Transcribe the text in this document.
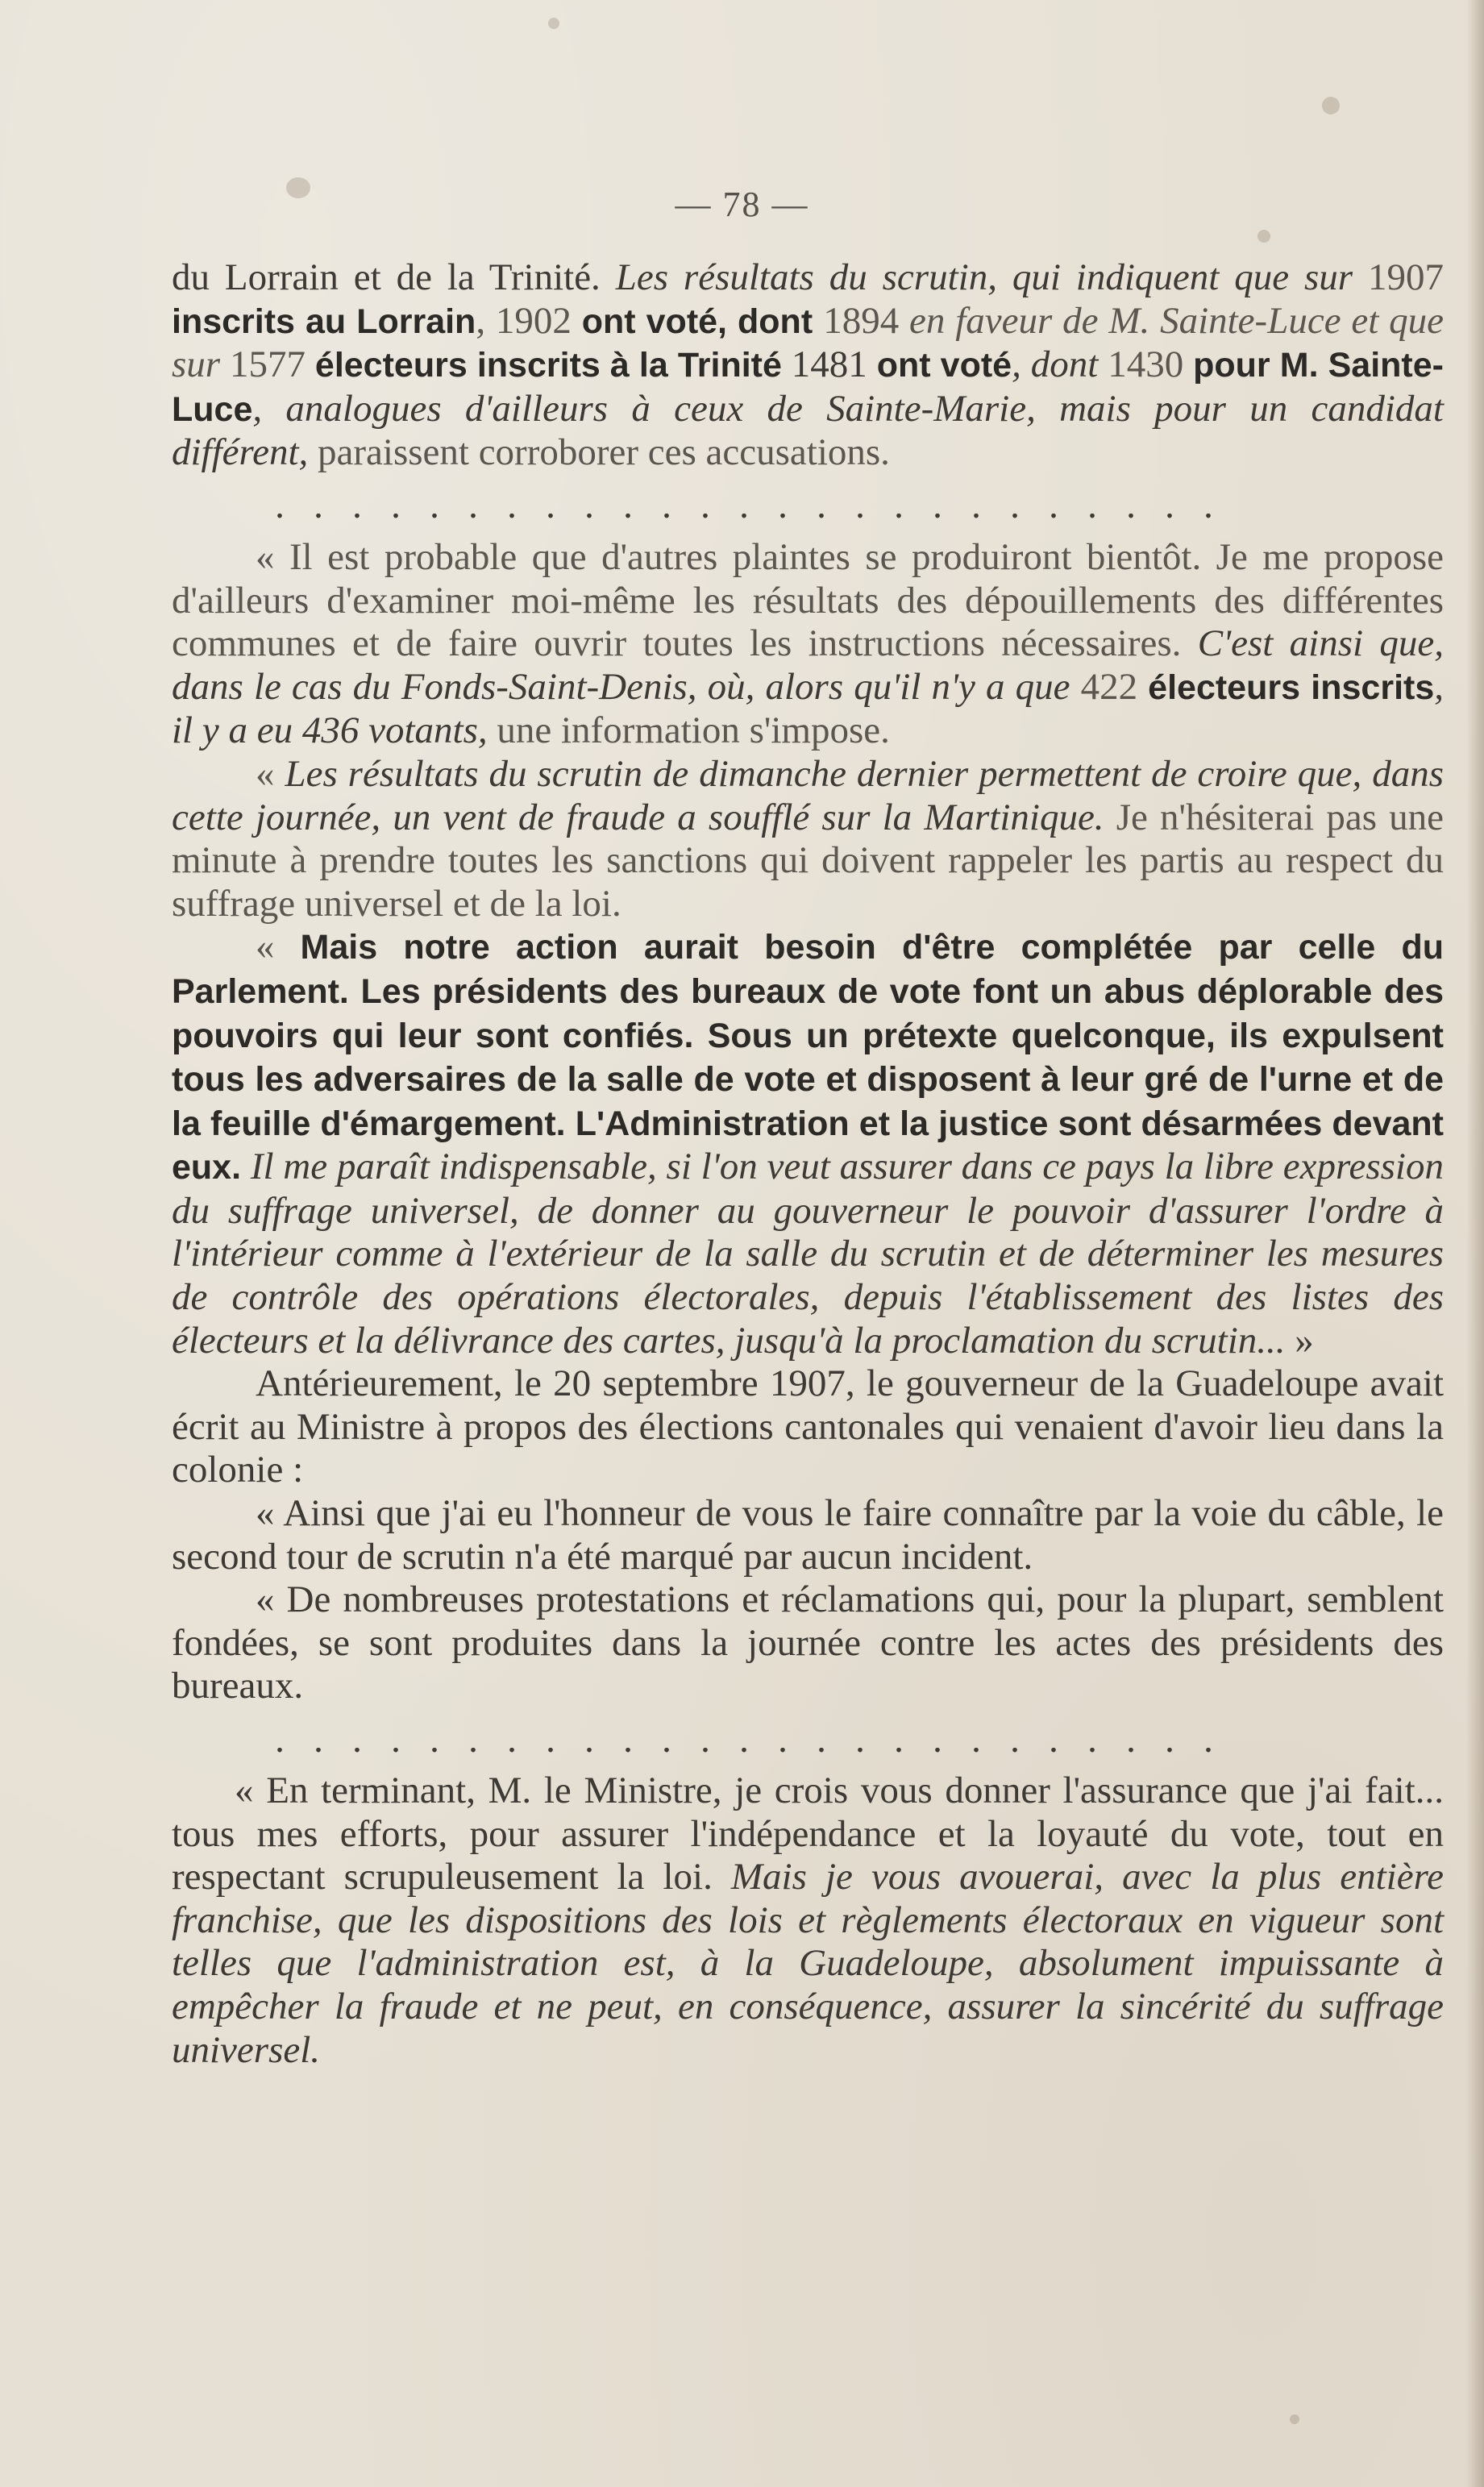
— 78 —

du Lorrain et de la Trinité. Les résultats du scrutin, qui indiquent que sur 1907 inscrits au Lorrain, 1902 ont voté, dont 1894 en faveur de M. Sainte-Luce et que sur 1577 électeurs inscrits à la Trinité 1481 ont voté, dont 1430 pour M. Sainte-Luce, analogues d'ailleurs à ceux de Sainte-Marie, mais pour un candidat différent, paraissent corroborer ces accusations.

. . . . . . . . . . . . . . . . . . . . . . . . .

« Il est probable que d'autres plaintes se produiront bientôt. Je me propose d'ailleurs d'examiner moi-même les résultats des dépouillements des différentes communes et de faire ouvrir toutes les instructions nécessaires. C'est ainsi que, dans le cas du Fonds-Saint-Denis, où, alors qu'il n'y a que 422 électeurs inscrits, il y a eu 436 votants, une information s'impose.

« Les résultats du scrutin de dimanche dernier permettent de croire que, dans cette journée, un vent de fraude a soufflé sur la Martinique. Je n'hésiterai pas une minute à prendre toutes les sanctions qui doivent rappeler les partis au respect du suffrage universel et de la loi.

« Mais notre action aurait besoin d'être complétée par celle du Parlement. Les présidents des bureaux de vote font un abus déplorable des pouvoirs qui leur sont confiés. Sous un prétexte quelconque, ils expulsent tous les adversaires de la salle de vote et disposent à leur gré de l'urne et de la feuille d'émargement. L'Administration et la justice sont désarmées devant eux. Il me paraît indispensable, si l'on veut assurer dans ce pays la libre expression du suffrage universel, de donner au gouverneur le pouvoir d'assurer l'ordre à l'intérieur comme à l'extérieur de la salle du scrutin et de déterminer les mesures de contrôle des opérations électorales, depuis l'établissement des listes des électeurs et la délivrance des cartes, jusqu'à la proclamation du scrutin... »

Antérieurement, le 20 septembre 1907, le gouverneur de la Guadeloupe avait écrit au Ministre à propos des élections cantonales qui venaient d'avoir lieu dans la colonie :

« Ainsi que j'ai eu l'honneur de vous le faire connaître par la voie du câble, le second tour de scrutin n'a été marqué par aucun incident.

« De nombreuses protestations et réclamations qui, pour la plupart, semblent fondées, se sont produites dans la journée contre les actes des présidents des bureaux.

. . . . . . . . . . . . . . . . . . . . . . . . .

« En terminant, M. le Ministre, je crois vous donner l'assurance que j'ai fait... tous mes efforts, pour assurer l'indépendance et la loyauté du vote, tout en respectant scrupuleusement la loi. Mais je vous avouerai, avec la plus entière franchise, que les dispositions des lois et règlements électoraux en vigueur sont telles que l'administration est, à la Guadeloupe, absolument impuissante à empêcher la fraude et ne peut, en conséquence, assurer la sincérité du suffrage universel.
